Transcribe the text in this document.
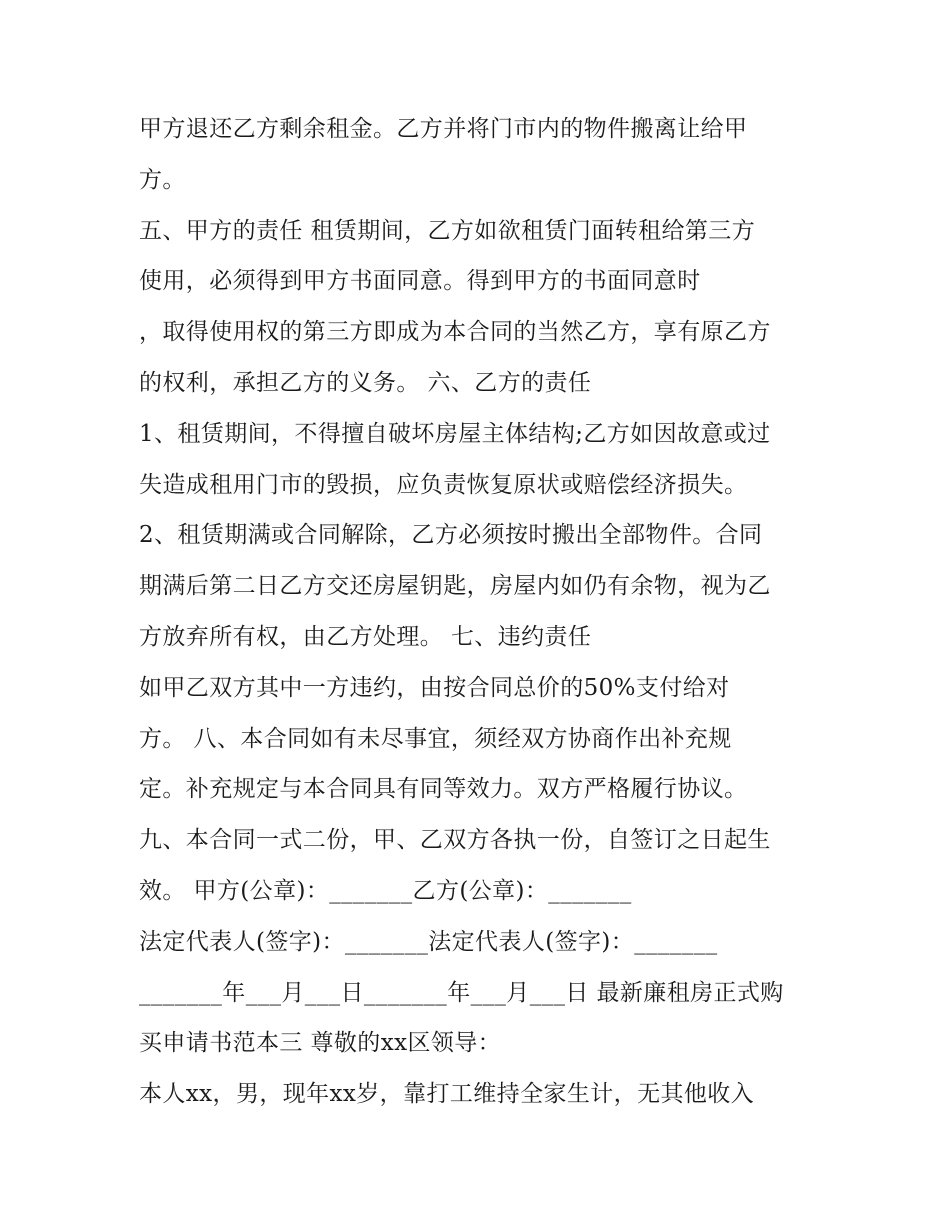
甲方退还乙方剩余租金。乙方并将门市内的物件搬离让给甲
方。
五、甲方的责任 租赁期间，乙方如欲租赁门面转租给第三方
使用，必须得到甲方书面同意。得到甲方的书面同意时
，取得使用权的第三方即成为本合同的当然乙方，享有原乙方
的权利，承担乙方的义务。 六、乙方的责任
1、租赁期间，不得擅自破坏房屋主体结构;乙方如因故意或过
失造成租用门市的毁损，应负责恢复原状或赔偿经济损失。
2、租赁期满或合同解除，乙方必须按时搬出全部物件。合同
期满后第二日乙方交还房屋钥匙，房屋内如仍有余物，视为乙
方放弃所有权，由乙方处理。 七、违约责任
如甲乙双方其中一方违约，由按合同总价的50%支付给对
方。 八、本合同如有未尽事宜，须经双方协商作出补充规
定。补充规定与本合同具有同等效力。双方严格履行协议。
九、本合同一式二份，甲、乙双方各执一份，自签订之日起生
效。 甲方(公章)：_______乙方(公章)：_______
法定代表人(签字)：_______法定代表人(签字)：_______
_______年___月___日_______年___月___日 最新廉租房正式购
买申请书范本三 尊敬的xx区领导：
本人xx，男，现年xx岁，靠打工维持全家生计，无其他收入
